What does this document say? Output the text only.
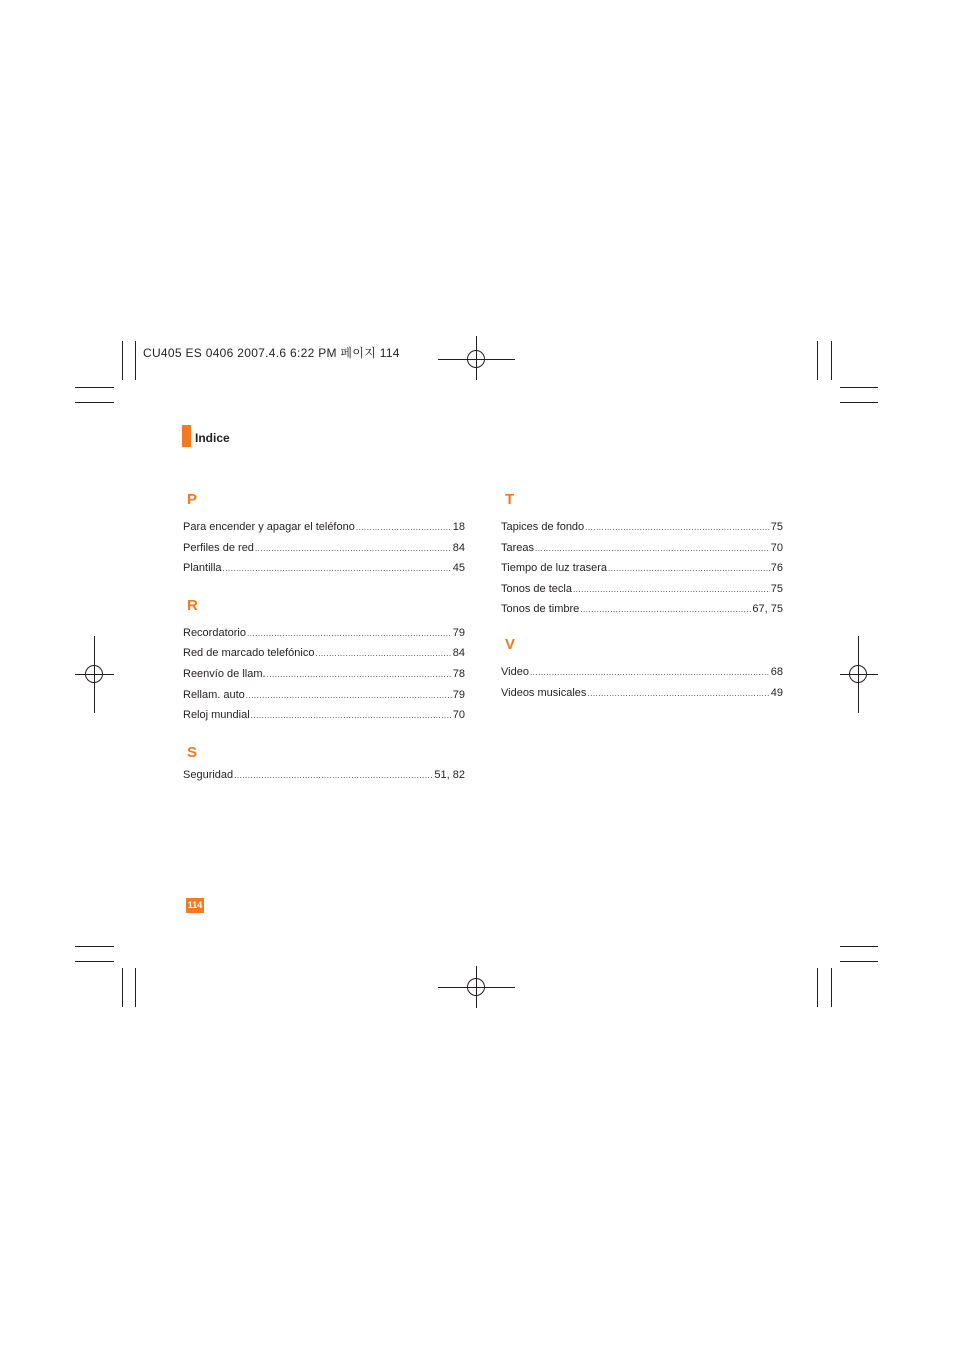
CU405 ES 0406 2007.4.6 6:22 PM 페이지 114
Indice
P
Para encender y apagar el teléfono .....	18
Perfiles de red .....	84
Plantilla .....	45
R
Recordatorio .....	79
Red de marcado telefónico .....	84
Reenvío de llam. .....	78
Rellam. auto .....	79
Reloj mundial .....	70
S
Seguridad .....	51, 82
T
Tapices de fondo .....	75
Tareas .....	70
Tiempo de luz trasera .....	76
Tonos de tecla .....	75
Tonos de timbre .....	67, 75
V
Video .....	68
Videos musicales .....	49
114
